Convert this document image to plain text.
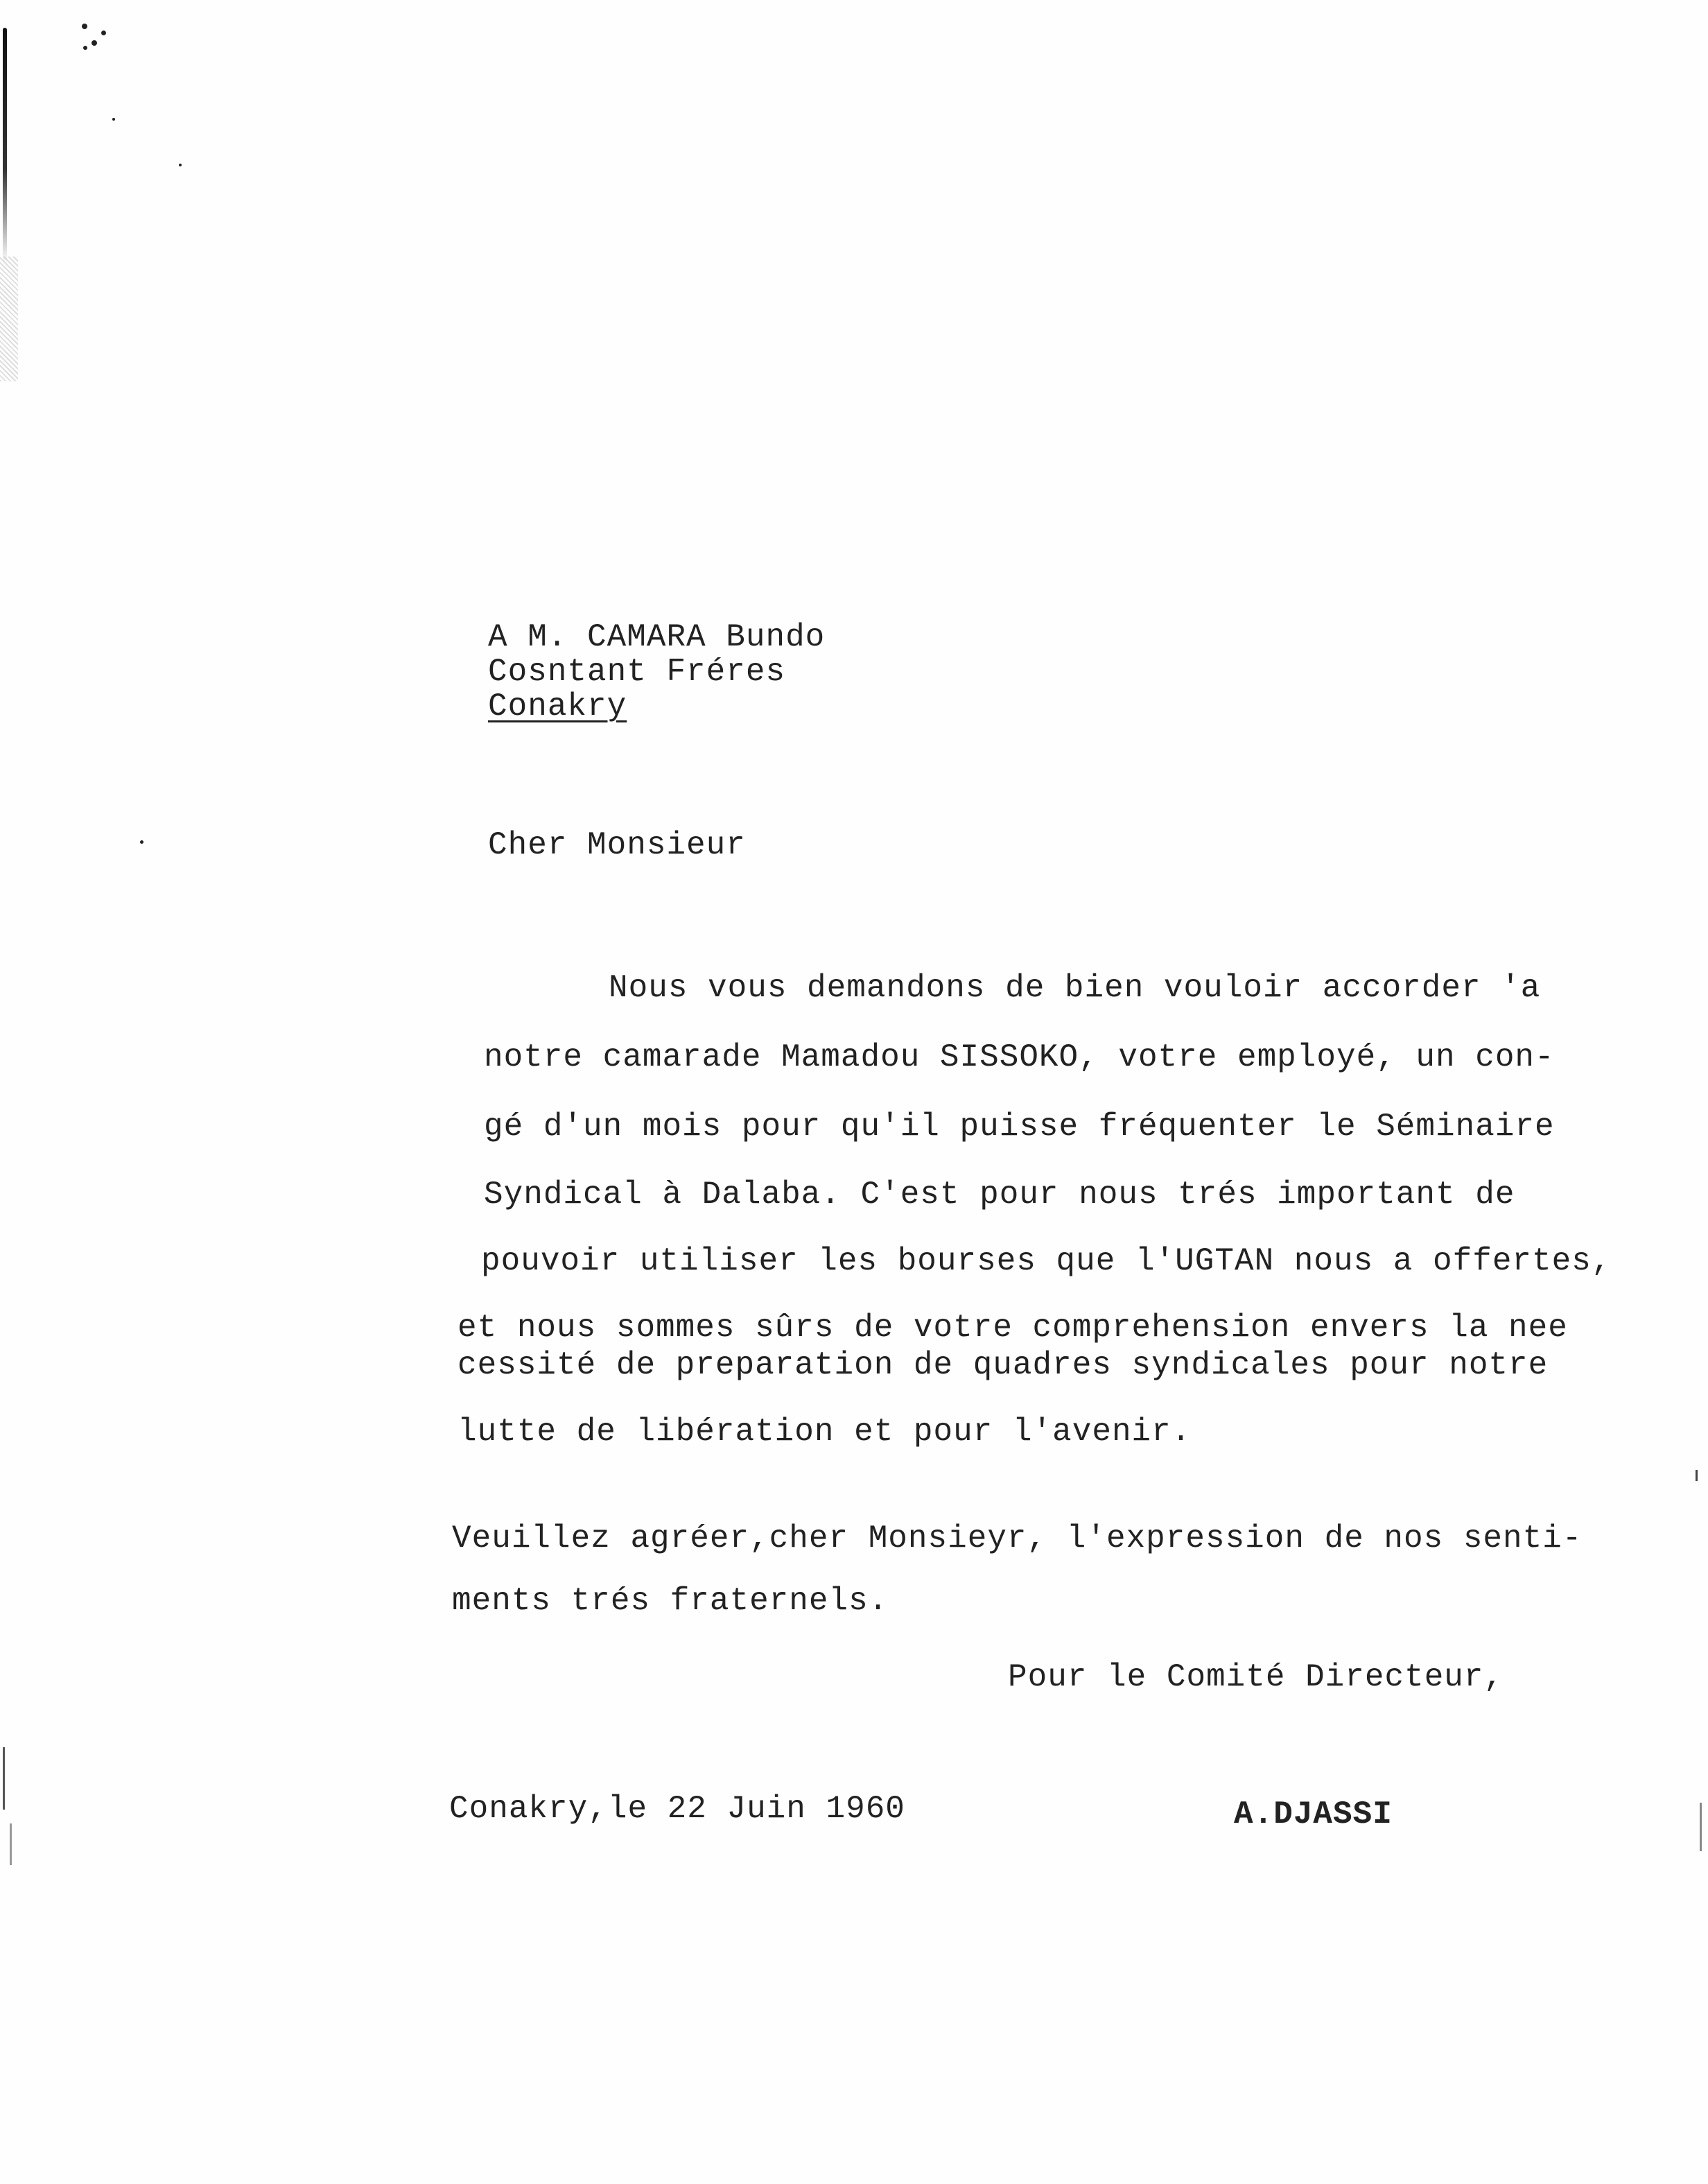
A M. CAMARA Bundo
Cosntant Fréres
Conakry
Cher Monsieur
Nous vous demandons de bien vouloir accorder 'a
notre camarade Mamadou SISSOKO, votre employé, un con-
gé d'un mois pour qu'il puisse fréquenter le Séminaire
Syndical à Dalaba. C'est pour nous trés important de
pouvoir utiliser les bourses que l'UGTAN nous a offertes,
et nous sommes sûrs de votre comprehension envers la nee
cessité de preparation de quadres syndicales pour notre
lutte de libération et pour l'avenir.
Veuillez agréer,cher Monsieyr, l'expression de nos senti-
ments trés fraternels.
Pour le Comité Directeur,
Conakry,le 22 Juin 1960	A.DJASSI
